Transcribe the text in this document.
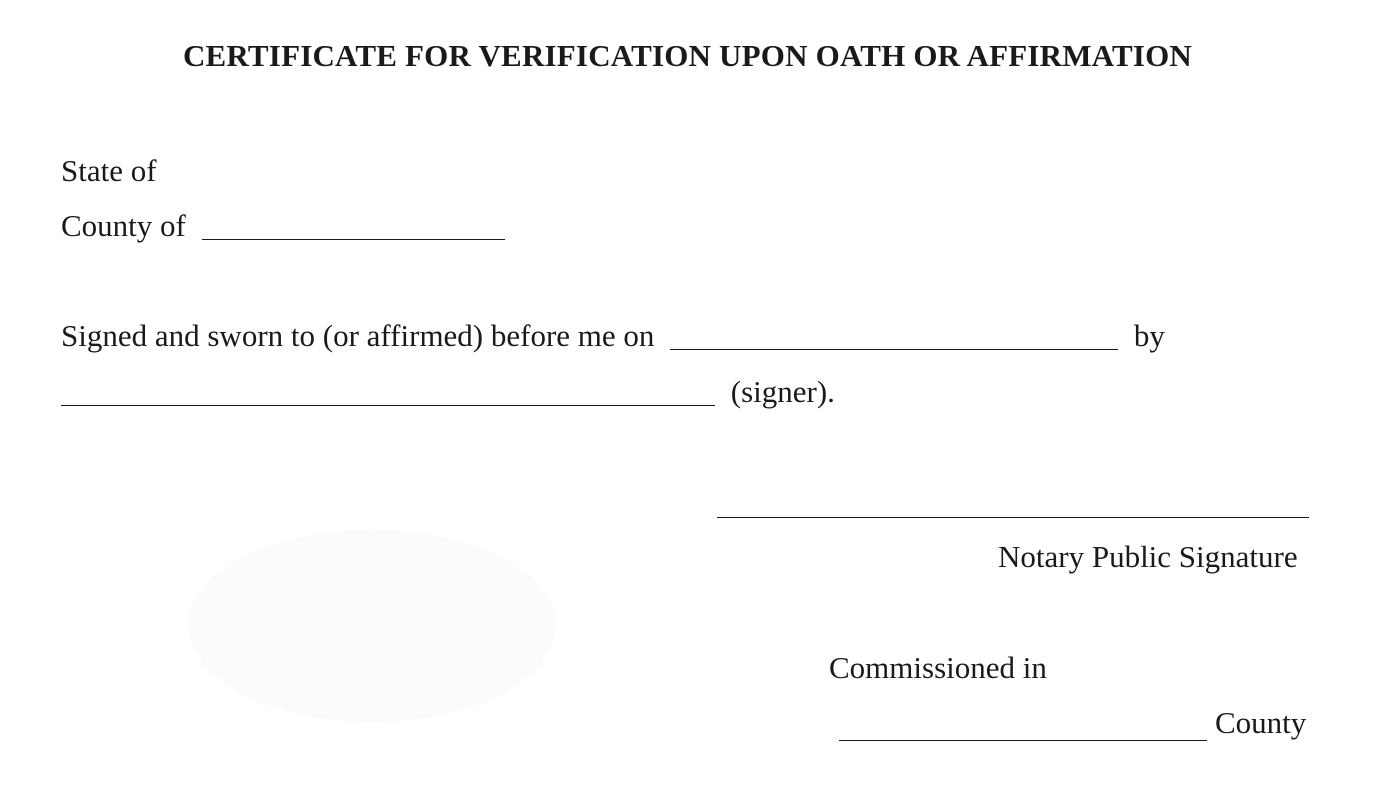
CERTIFICATE FOR VERIFICATION UPON OATH OR AFFIRMATION
State of
County of
Signed and sworn to (or affirmed) before me on	by
(signer).
Notary Public Signature
Commissioned in
County
